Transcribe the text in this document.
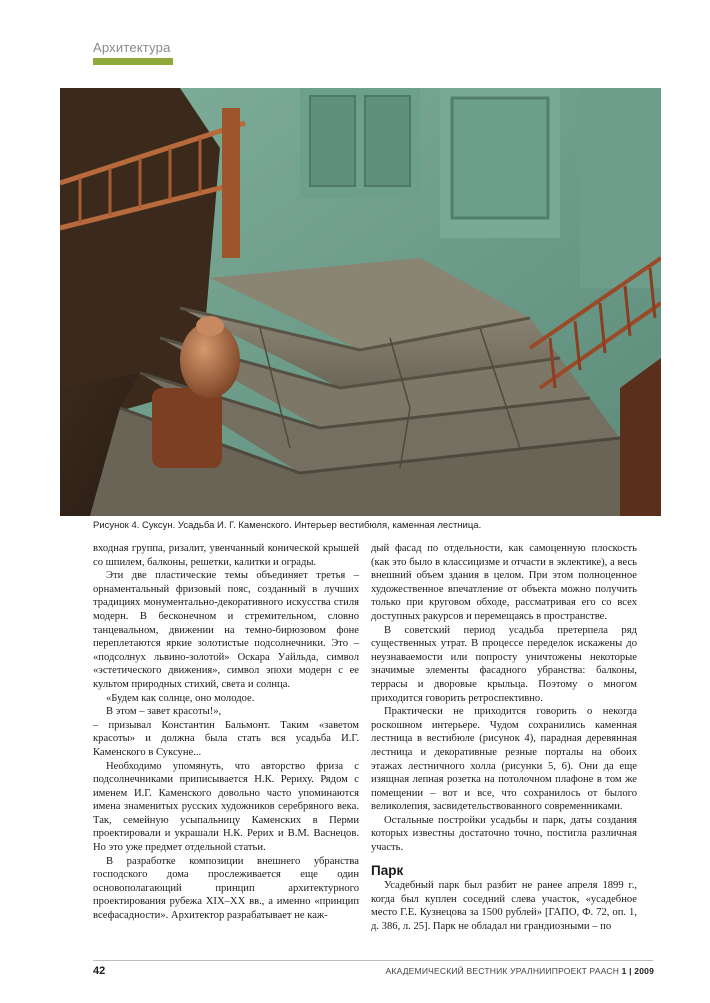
Архитектура
Рисунок 4. Суксун. Усадьба И. Г. Каменского. Интерьер вестибюля, каменная лестница.

входная группа, ризалит, увенчанный конической крышей со шпилем, балконы, решетки, калитки и ограды.

Эти две пластические темы объединяет третья – орнаментальный фризовый пояс, созданный в лучших традициях монументально-декоративного искусства стиля модерн. В бесконечном и стремительном, словно танцевальном, движении на темно-бирюзовом фоне переплетаются яркие золотистые подсолнечники. Это – «подсолнух львино-золотой» Оскара Уайльда, символ «эстетического движения», символ эпохи модерн с ее культом природных стихий, света и солнца.

«Будем как солнце, оно молодое.

В этом – завет красоты!»,

– призывал Константин Бальмонт. Таким «заветом красоты» и должна была стать вся усадьба И.Г. Каменского в Суксуне...

Необходимо упомянуть, что авторство фриза с подсолнечниками приписывается Н.К. Рериху. Рядом с именем И.Г. Каменского довольно часто упоминаются имена знаменитых русских художников серебряного века. Так, семейную усыпальницу Каменских в Перми проектировали и украшали Н.К. Рерих и В.М. Васнецов. Но это уже предмет отдельной статьи.

В разработке композиции внешнего убранства господского дома прослеживается еще один основополагающий принцип архитектурного проектирования рубежа XIX–XX вв., а именно «принцип всефасадности». Архитектор разрабатывает не каж-

дый фасад по отдельности, как самоценную плоскость (как это было в классицизме и отчасти в эклектике), а весь внешний объем здания в целом. При этом полноценное художественное впечатление от объекта можно получить только при круговом обходе, рассматривая его со всех доступных ракурсов и перемещаясь в пространстве.

В советский период усадьба претерпела ряд существенных утрат. В процессе переделок искажены до неузнаваемости или попросту уничтожены некоторые значимые элементы фасадного убранства: балконы, террасы и дворовые крыльца. Поэтому о многом приходится говорить ретроспективно.

Практически не приходится говорить о некогда роскошном интерьере. Чудом сохранились каменная лестница в вестибюле (рисунок 4), парадная деревянная лестница и декоративные резные порталы на обоих этажах лестничного холла (рисунки 5, 6). Они да еще изящная лепная розетка на потолочном плафоне в том же помещении – вот и все, что сохранилось от былого великолепия, засвидетельствованного современниками.

Остальные постройки усадьбы и парк, даты создания которых известны достаточно точно, постигла различная участь.

Парк

Усадебный парк был разбит не ранее апреля 1899 г., когда был куплен соседний слева участок, «усадебное место Г.Е. Кузнецова за 1500 рублей» [ГАПО, Ф. 72, оп. 1, д. 386, л. 25]. Парк не обладал ни грандиозными – по

42	АКАДЕМИЧЕСКИЙ ВЕСТНИК УРАЛНИИПРОЕКТ РААСН 1 | 2009
